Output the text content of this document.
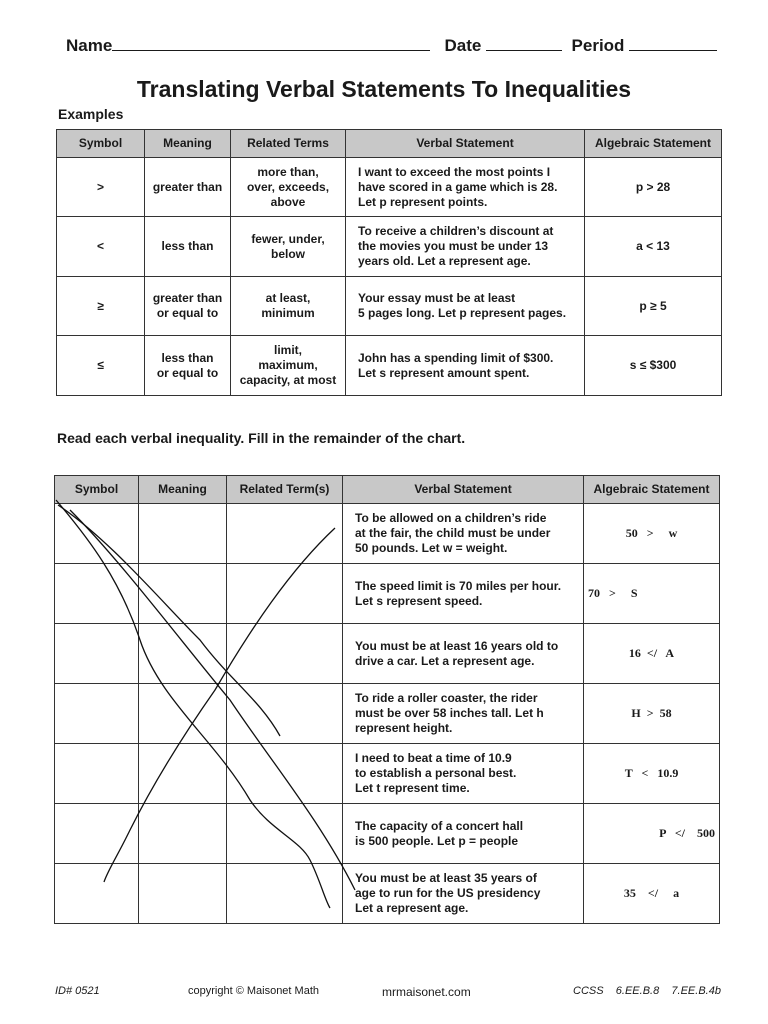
Name	Date	Period
Translating Verbal Statements To Inequalities
Examples
Symbol	Meaning	Related Terms	Verbal Statement	Algebraic Statement
>	greater than	more than,
over, exceeds,
above	I want to exceed the most points I
have scored in a game which is 28.
Let p represent points.	p > 28
<	less than	fewer, under,
below	To receive a children’s discount at
the movies you must be under 13
years old. Let a represent age.	a < 13
≥	greater than
or equal to	at least,
minimum	Your essay must be at least
5 pages long. Let p represent pages.	p ≥ 5
≤	less than
or equal to	limit,
maximum,
capacity, at most	John has a spending limit of $300.
Let s represent amount spent.	s ≤ $300
Read each verbal inequality. Fill in the remainder of the chart.
Symbol	Meaning	Related Term(s)	Verbal Statement	Algebraic Statement
			To be allowed on a children’s ride
at the fair, the child must be under
50 pounds. Let w = weight.	50   >     w
			The speed limit is 70 miles per hour.
Let s represent speed.	70   >     S
			You must be at least 16 years old to
drive a car. Let a represent age.	16  </   A
			To ride a roller coaster, the rider
must be over 58 inches tall. Let h
represent height.	H  >  58
			I need to beat a time of 10.9
to establish a personal best.
Let t represent time.	T   <   10.9
			The capacity of a concert hall
is 500 people. Let p = people	P   </    500
			You must be at least 35 years of
age to run for the US presidency
Let a represent age.	35    </     a
ID# 0521	copyright © Maisonet Math	mrmaisonet.com	CCSS    6.EE.B.8    7.EE.B.4b
